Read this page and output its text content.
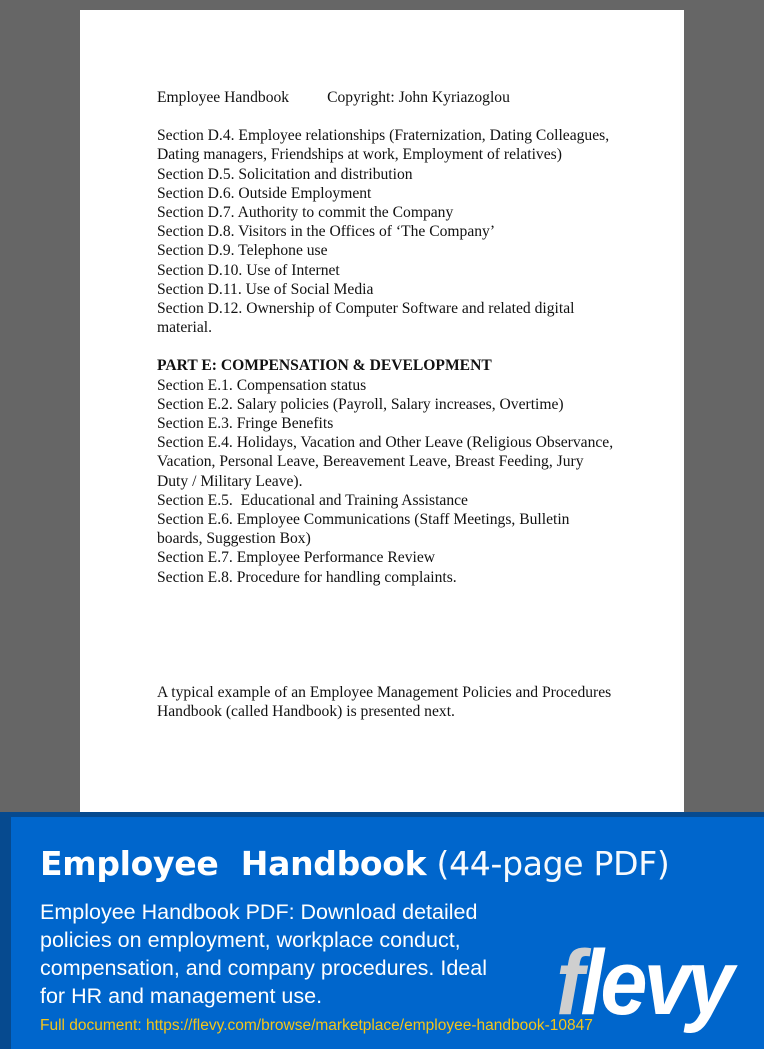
Employee Handbook Copyright: John Kyriazoglou

Section D.4. Employee relationships (Fraternization, Dating Colleagues, Dating managers, Friendships at work, Employment of relatives)

Section D.5. Solicitation and distribution

Section D.6. Outside Employment

Section D.7. Authority to commit the Company

Section D.8. Visitors in the Offices of ‘The Company’

Section D.9. Telephone use

Section D.10. Use of Internet

Section D.11. Use of Social Media

Section D.12. Ownership of Computer Software and related digital material.

PART E: COMPENSATION & DEVELOPMENT

Section E.1. Compensation status

Section E.2. Salary policies (Payroll, Salary increases, Overtime)

Section E.3. Fringe Benefits

Section E.4. Holidays, Vacation and Other Leave (Religious Observance, Vacation, Personal Leave, Bereavement Leave, Breast Feeding, Jury Duty / Military Leave).

Section E.5.  Educational and Training Assistance

Section E.6. Employee Communications (Staff Meetings, Bulletin boards, Suggestion Box)

Section E.7. Employee Performance Review

Section E.8. Procedure for handling complaints.

A typical example of an Employee Management Policies and Procedures Handbook (called Handbook) is presented next.

Employee  Handbook (44-page PDF)
Employee Handbook PDF: Download detailed policies on employment, workplace conduct, compensation, and company procedures. Ideal for HR and management use.
Full document: https://flevy.com/browse/marketplace/employee-handbook-10847
flevy
